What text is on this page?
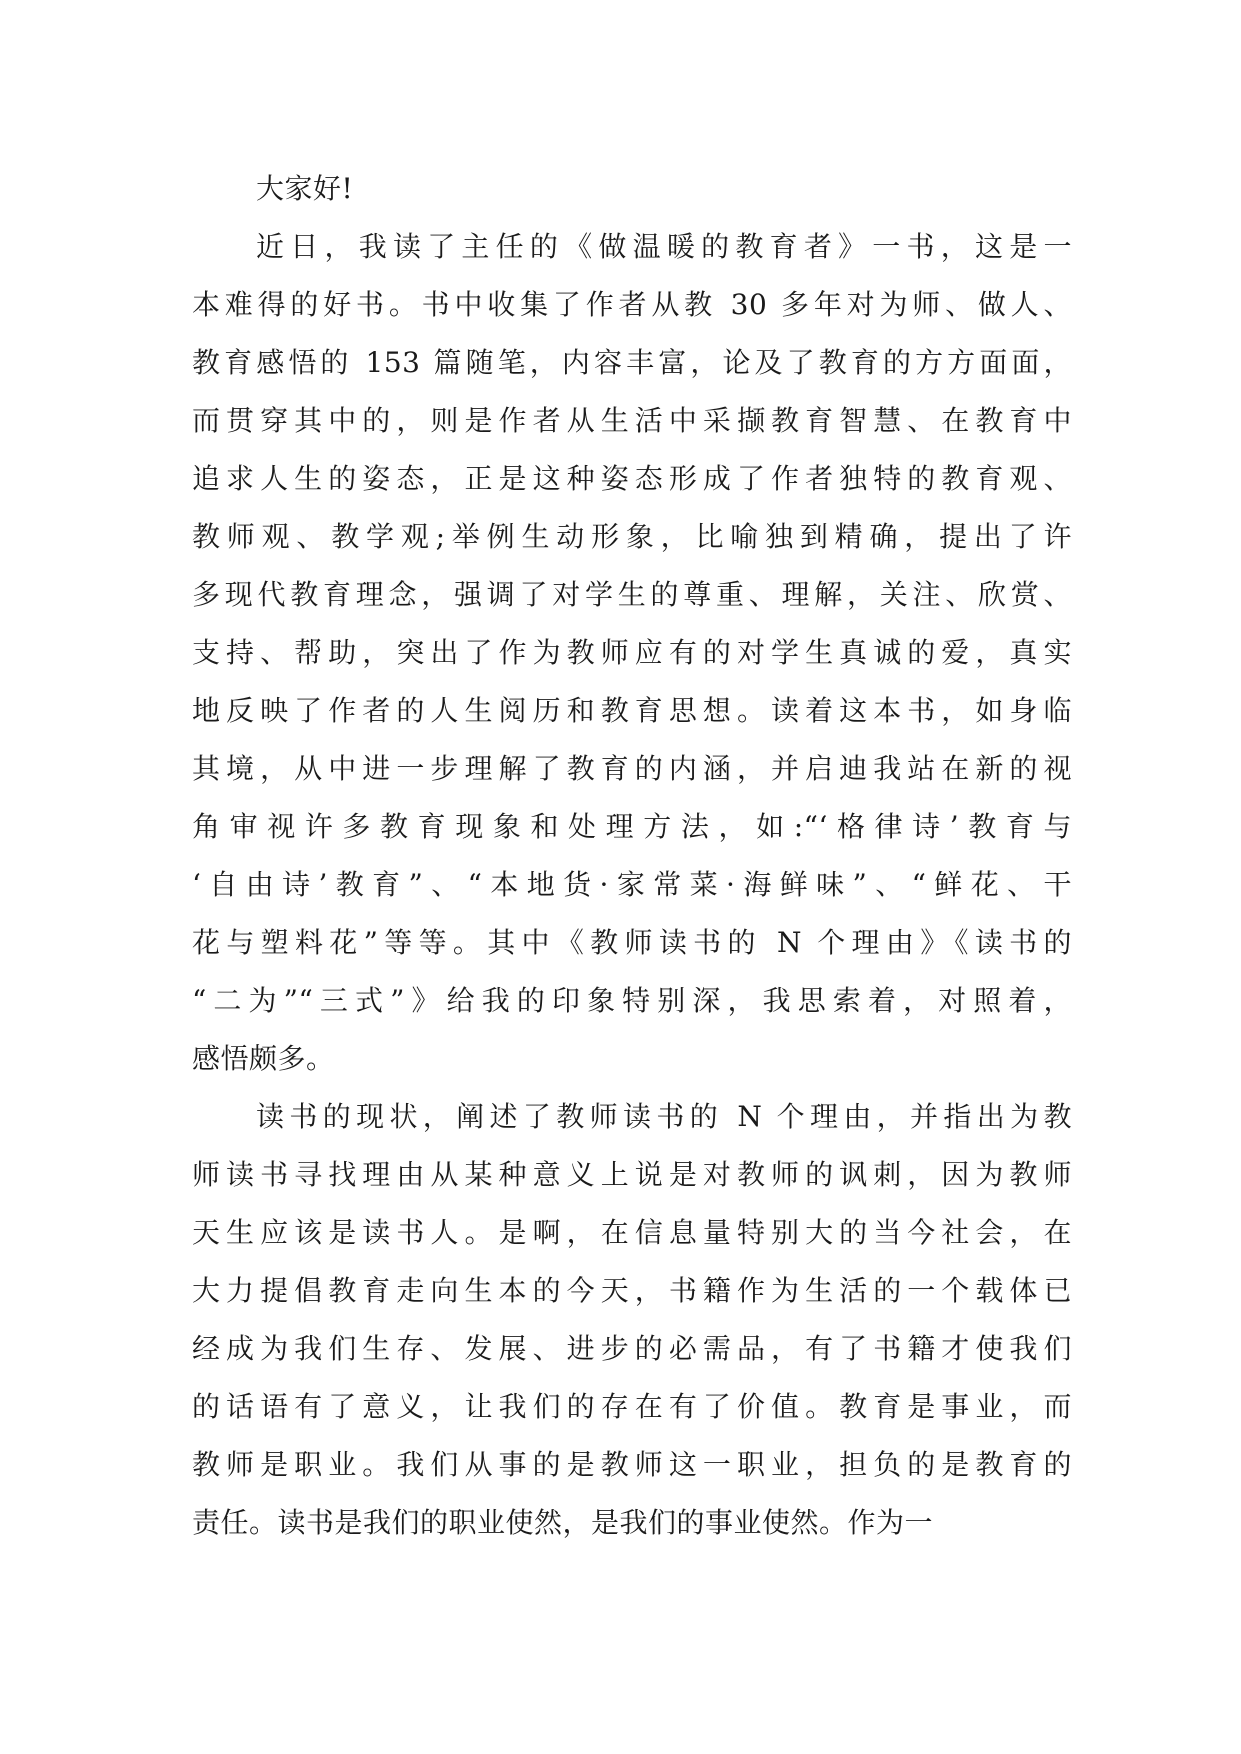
大家好!
近日，我读了主任的《做温暖的教育者》一书，这是一
本难得的好书。书中收集了作者从教 30 多年对为师、做人、
教育感悟的 153 篇随笔，内容丰富，论及了教育的方方面面，
而贯穿其中的，则是作者从生活中采撷教育智慧、在教育中
追求人生的姿态，正是这种姿态形成了作者独特的教育观、
教师观、教学观;举例生动形象，比喻独到精确，提出了许
多现代教育理念，强调了对学生的尊重、理解，关注、欣赏、
支持、帮助，突出了作为教师应有的对学生真诚的爱，真实
地反映了作者的人生阅历和教育思想。读着这本书，如身临
其境，从中进一步理解了教育的内涵，并启迪我站在新的视
角审视许多教育现象和处理方法，如:“‘格律诗’教育与
‘自由诗’教育”、“本地货·家常菜·海鲜味”、“鲜花、干
花与塑料花”等等。其中《教师读书的 N 个理由》《读书的
“二为”“三式”》给我的印象特别深，我思索着，对照着，
感悟颇多。
读书的现状，阐述了教师读书的 N 个理由，并指出为教
师读书寻找理由从某种意义上说是对教师的讽刺，因为教师
天生应该是读书人。是啊，在信息量特别大的当今社会，在
大力提倡教育走向生本的今天，书籍作为生活的一个载体已
经成为我们生存、发展、进步的必需品，有了书籍才使我们
的话语有了意义，让我们的存在有了价值。教育是事业，而
教师是职业。我们从事的是教师这一职业，担负的是教育的
责任。读书是我们的职业使然，是我们的事业使然。作为一
